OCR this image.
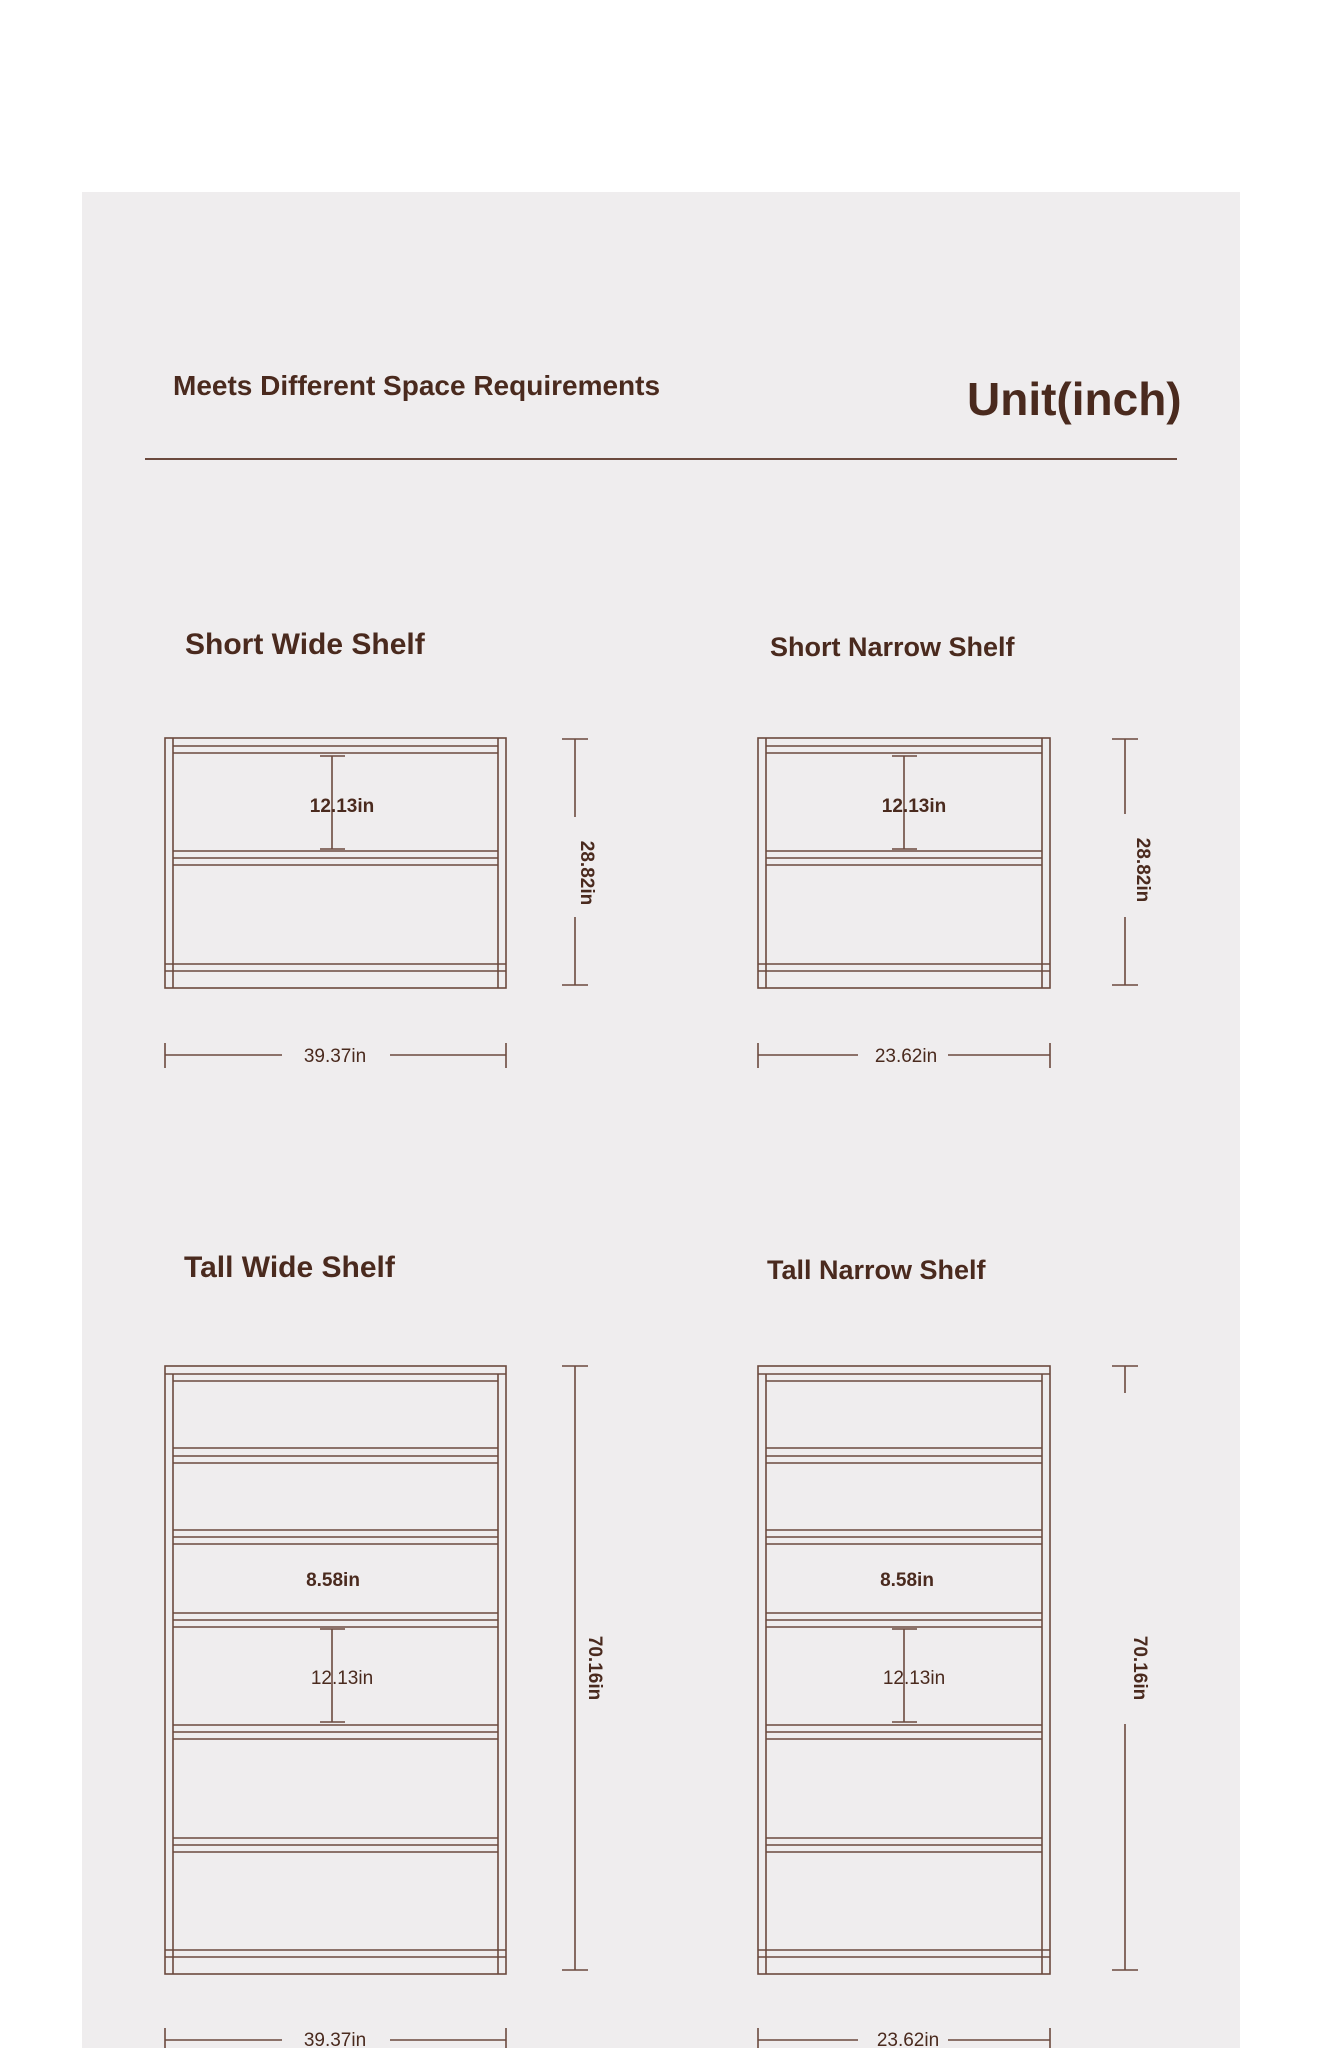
Meets Different Space Requirements	Unit(inch)
Short Wide Shelf	Short Narrow Shelf
Tall Wide Shelf	Tall Narrow Shelf
12.13in
28.82in
39.37in
12.13in
28.82in
23.62in
8.58in
12.13in	70.16in
39.37in
8.58in
12.13in	70.16in
23.62in
